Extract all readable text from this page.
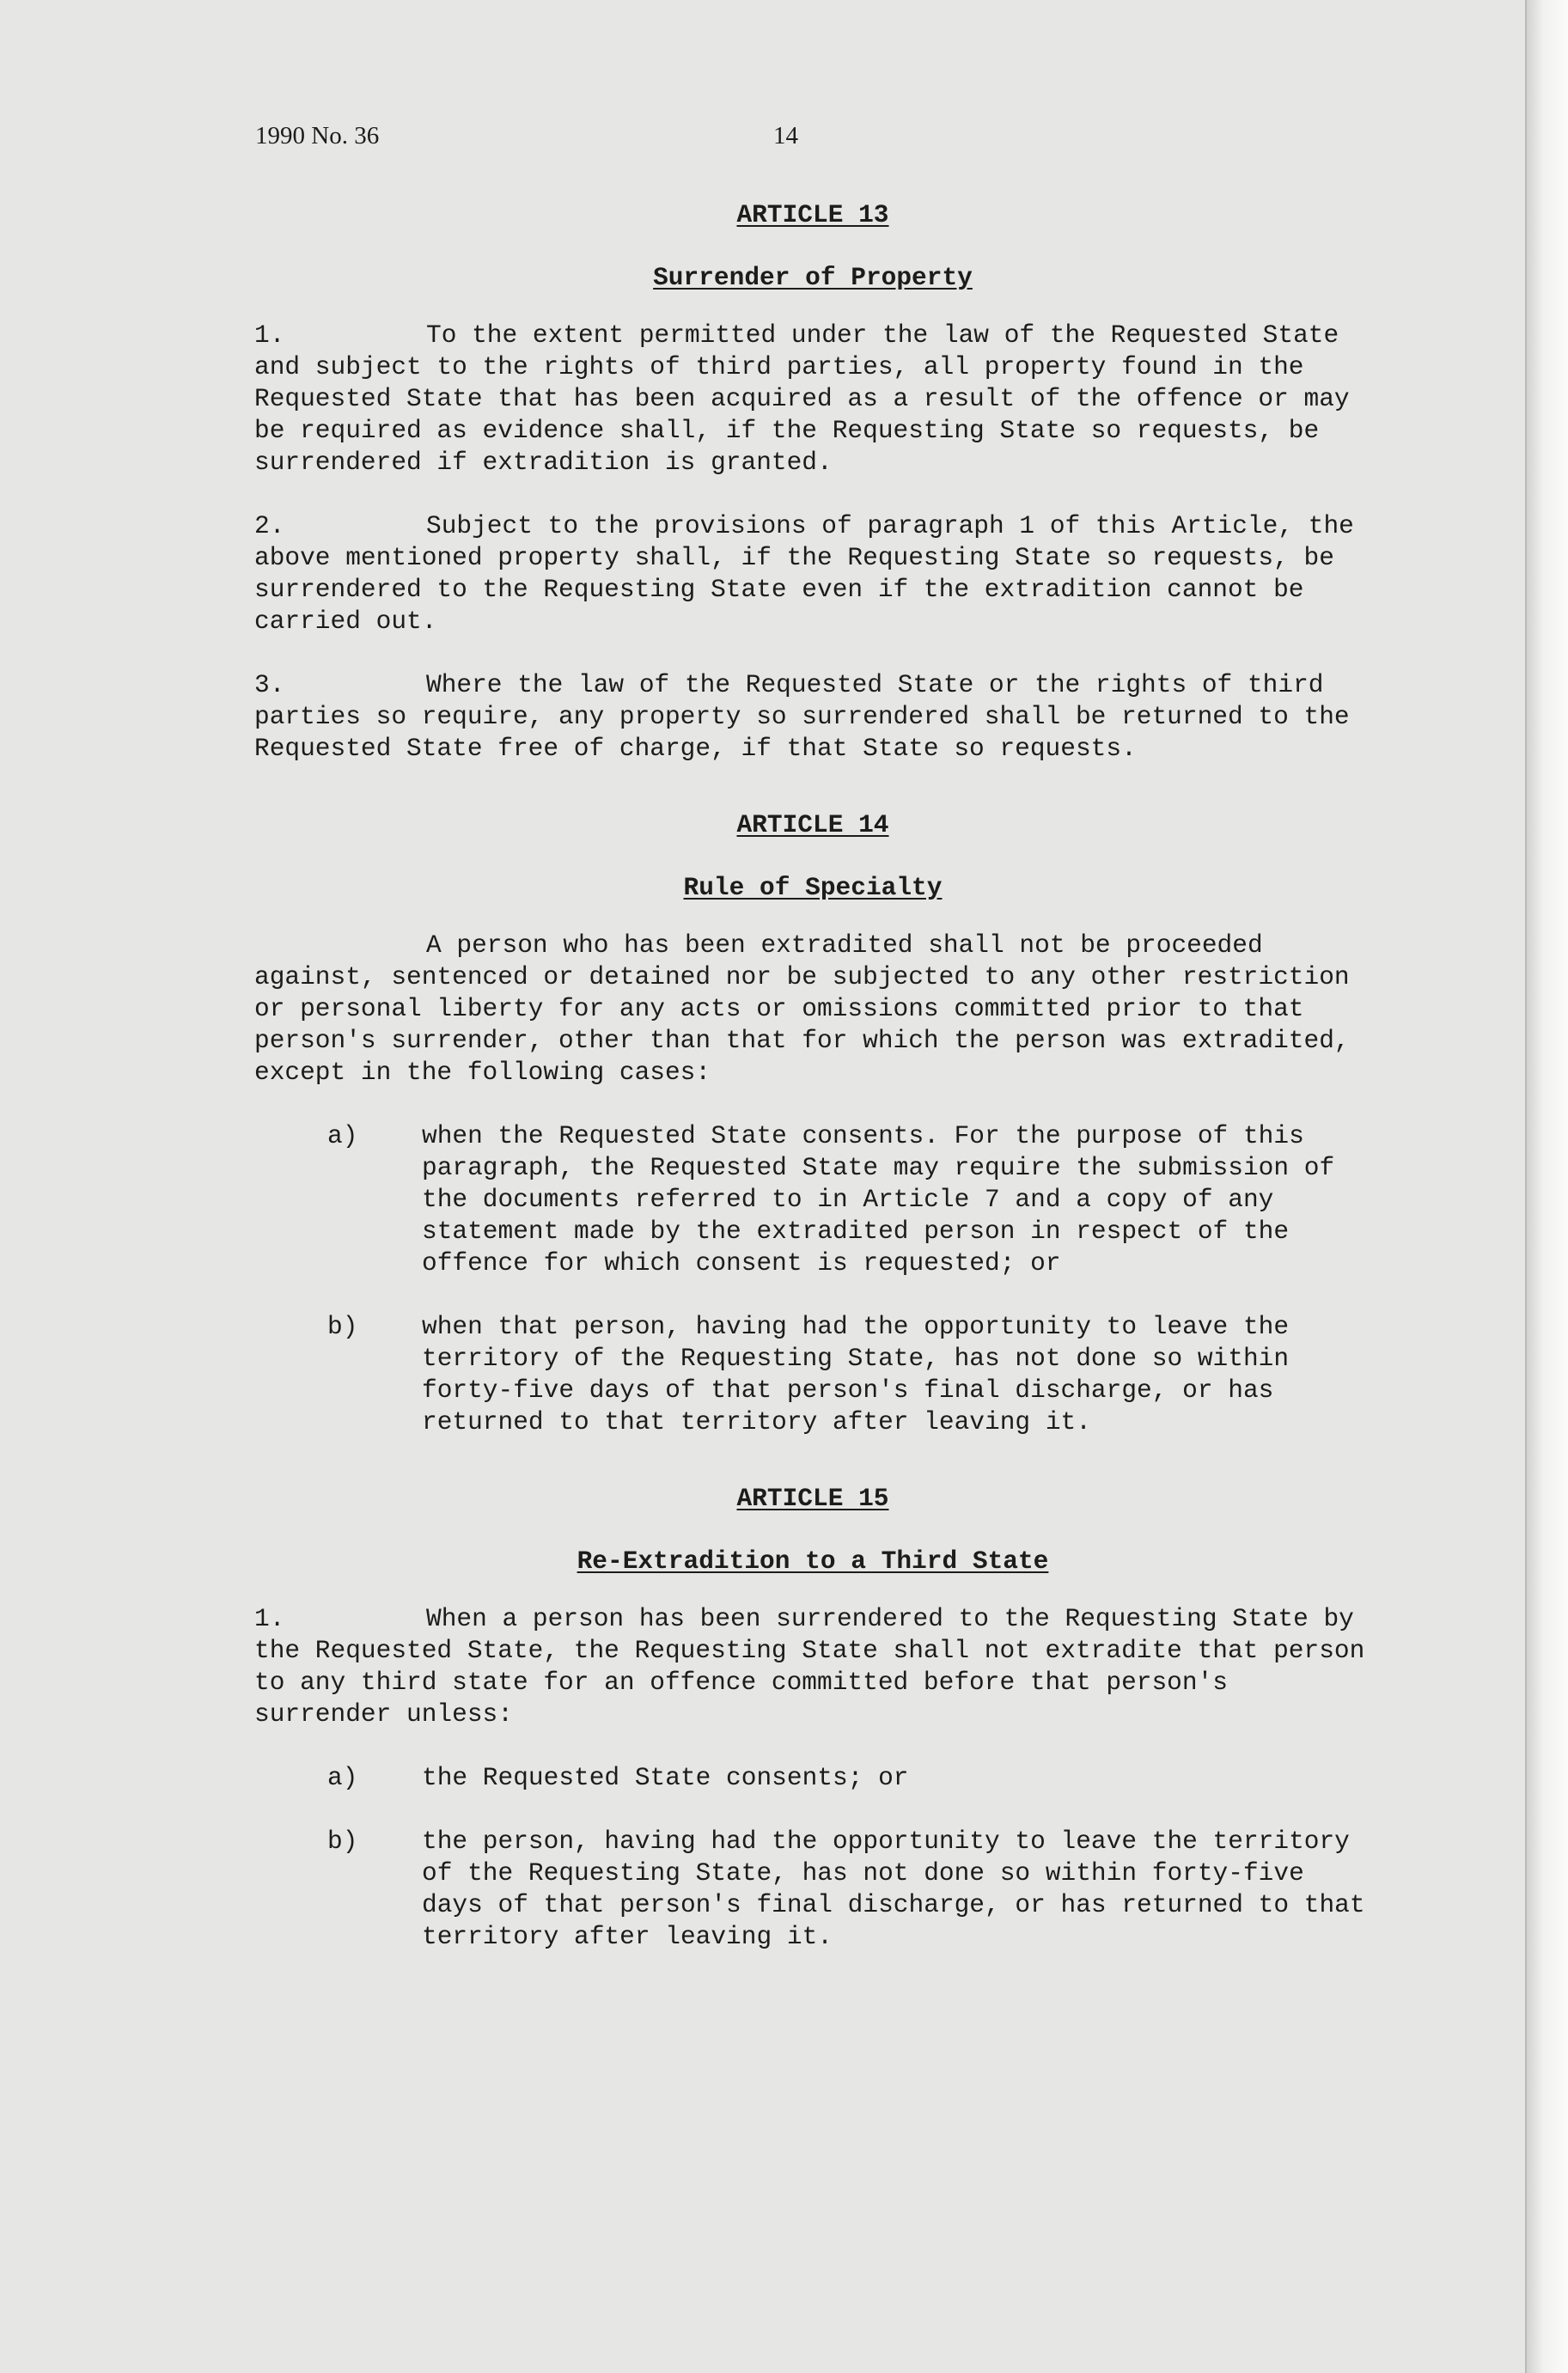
1990 No. 36	14
ARTICLE 13
Surrender of Property

1.	To the extent permitted under the law of the Requested State and subject to the rights of third parties, all property found in the Requested State that has been acquired as a result of the offence or may be required as evidence shall, if the Requesting State so requests, be surrendered if extradition is granted.

2.	Subject to the provisions of paragraph 1 of this Article, the above mentioned property shall, if the Requesting State so requests, be surrendered to the Requesting State even if the extradition cannot be carried out.

3.	Where the law of the Requested State or the rights of third parties so require, any property so surrendered shall be returned to the Requested State free of charge, if that State so requests.

ARTICLE 14
Rule of Specialty

A person who has been extradited shall not be proceeded against, sentenced or detained nor be subjected to any other restriction or personal liberty for any acts or omissions committed prior to that person's surrender, other than that for which the person was extradited, except in the following cases:

a)	when the Requested State consents. For the purpose of this paragraph, the Requested State may require the submission of the documents referred to in Article 7 and a copy of any statement made by the extradited person in respect of the offence for which consent is requested; or
b)	when that person, having had the opportunity to leave the territory of the Requesting State, has not done so within forty-five days of that person's final discharge, or has returned to that territory after leaving it.
ARTICLE 15
Re-Extradition to a Third State

1.	When a person has been surrendered to the Requesting State by the Requested State, the Requesting State shall not extradite that person to any third state for an offence committed before that person's surrender unless:

a)	the Requested State consents; or
b)	the person, having had the opportunity to leave the territory of the Requesting State, has not done so within forty-five days of that person's final discharge, or has returned to that territory after leaving it.
